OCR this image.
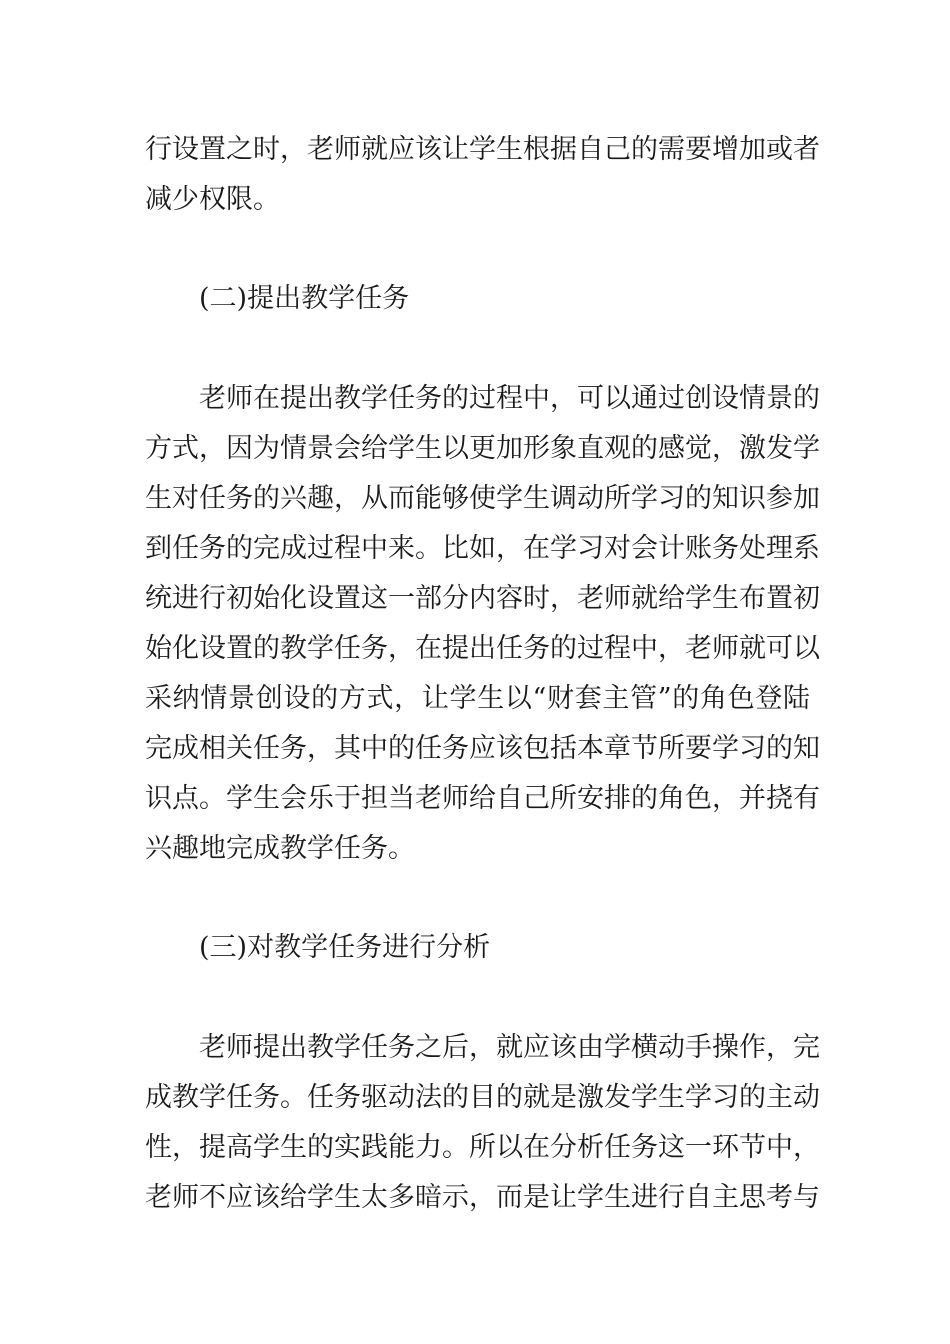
行设置之时，老师就应该让学生根据自己的需要增加或者
减少权限。
(二)提出教学任务
老师在提出教学任务的过程中，可以通过创设情景的
方式，因为情景会给学生以更加形象直观的感觉，激发学
生对任务的兴趣，从而能够使学生调动所学习的知识参加
到任务的完成过程中来。比如，在学习对会计账务处理系
统进行初始化设置这一部分内容时，老师就给学生布置初
始化设置的教学任务，在提出任务的过程中，老师就可以
采纳情景创设的方式，让学生以“财套主管”的角色登陆
完成相关任务，其中的任务应该包括本章节所要学习的知
识点。学生会乐于担当老师给自己所安排的角色，并挠有
兴趣地完成教学任务。
(三)对教学任务进行分析
老师提出教学任务之后，就应该由学横动手操作，完
成教学任务。任务驱动法的目的就是激发学生学习的主动
性，提高学生的实践能力。所以在分析任务这一环节中，
老师不应该给学生太多暗示，而是让学生进行自主思考与
